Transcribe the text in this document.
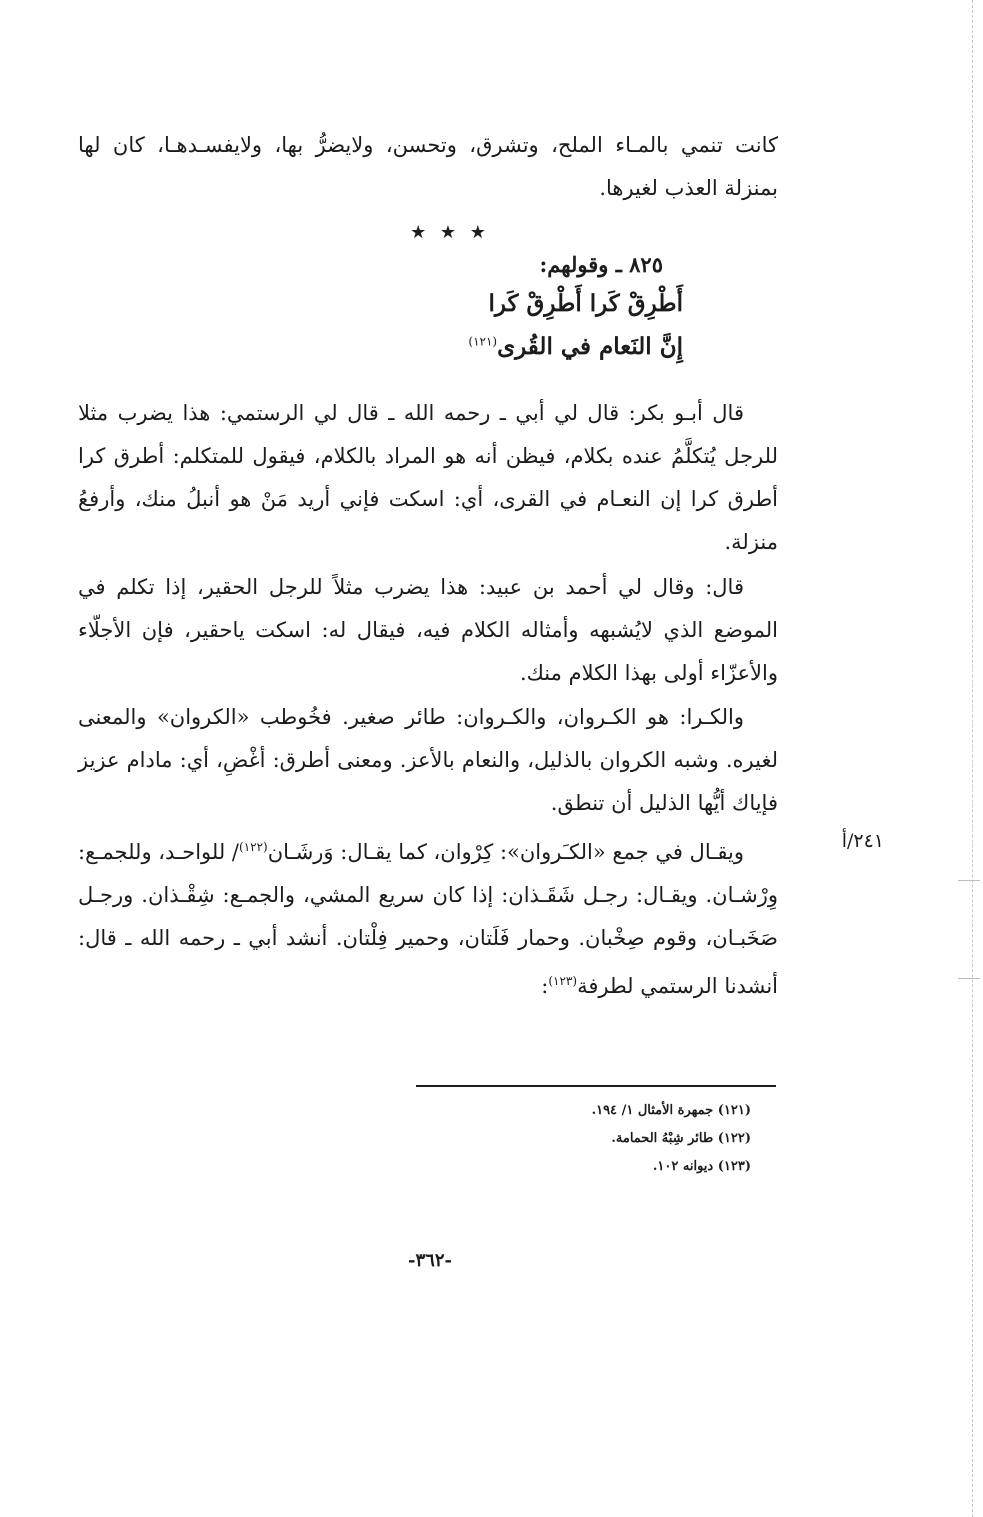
كانت تنمي بالمـاء الملح، وتشرق، وتحسن، ولايضرُّ بها، ولايفسـدهـا، كان لها بمنزلة العذب لغيرها.

★ ★ ★
٨٢٥ ـ وقولهم:
أَطْرِقْ كَرا أَطْرِقْ كَرا
إِنَّ النَعام في القُرى$^{(١٢١)}$

قال أبـو بكر: قال لي أبي ـ رحمه الله ـ قال لي الرستمي: هذا يضرب مثلا للرجل يُتكلَّمُ عنده بكلام، فيظن أنه هو المراد بالكلام، فيقول للمتكلم: أطرق كرا أطرق كرا إن النعـام في القرى، أي: اسكت فإني أريد مَنْ هو أنبلُ منك، وأرفعُ منزلة.

قال: وقال لي أحمد بن عبيد: هذا يضرب مثلاً للرجل الحقير، إذا تكلم في الموضع الذي لايُشبهه وأمثاله الكلام فيه، فيقال له: اسكت ياحقير، فإن الأجلّاء والأعزّاء أولى بهذا الكلام منك.

والكـرا: هو الكـروان، والكـروان: طائر صغير. فخُوطب «الكروان» والمعنى لغيره. وشبه الكروان بالذليل، والنعام بالأعز. ومعنى أطرق: أغْضِ، أي: مادام عزيز فإياك أيُّها الذليل أن تنطق.

ويقـال في جمع «الكـَروان»: كِرْوان، كما يقـال: وَرشَـان$^{(١٢٢)}$/ للواحـد، وللجمـع: وِرْشـان. ويقـال: رجـل شَقَـذان: إذا كان سريع المشي، والجمـع: شِقْـذان. ورجـل صَخَبـان، وقوم صِخْبان. وحمار فَلَتان، وحمير فِلْتان. أنشد أبي ـ رحمه الله ـ قال: أنشدنا الرستمي لطرفة$^{(١٢٣)}$:

٢٤١/أ
(١٢١) جمهرة الأمثال ١/ ١٩٤.
(١٢٢) طائر شِبْهُ الحمامة.
(١٢٣) ديوانه ١٠٢.
-٣٦٢-
